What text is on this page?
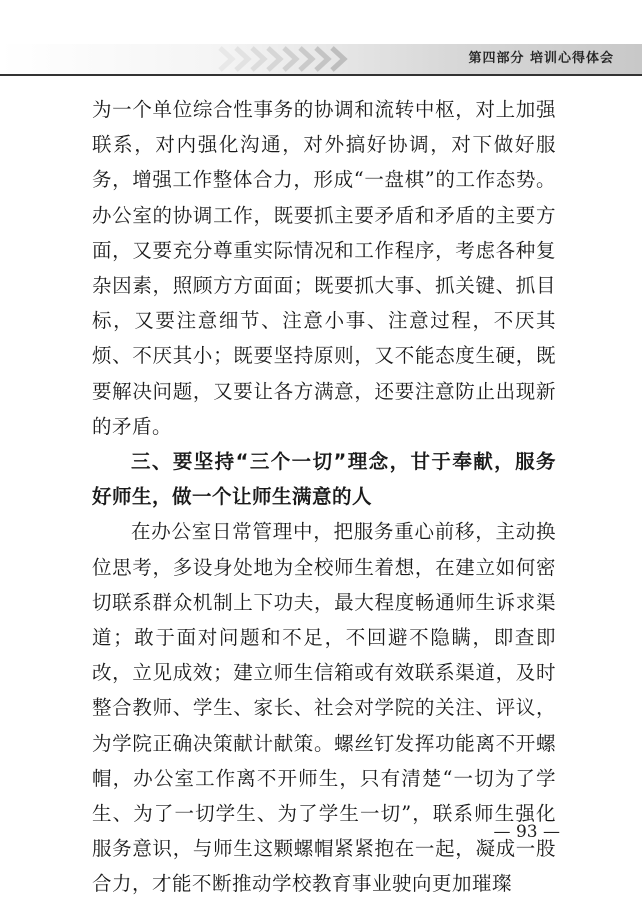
第四部分 培训心得体会

为一个单位综合性事务的协调和流转中枢，对上加强联系，对内强化沟通，对外搞好协调，对下做好服务，增强工作整体合力，形成“一盘棋”的工作态势。办公室的协调工作，既要抓主要矛盾和矛盾的主要方面，又要充分尊重实际情况和工作程序，考虑各种复杂因素，照顾方方面面；既要抓大事、抓关键、抓目标，又要注意细节、注意小事、注意过程，不厌其烦、不厌其小；既要坚持原则，又不能态度生硬，既要解决问题，又要让各方满意，还要注意防止出现新的矛盾。

三、要坚持“三个一切”理念，甘于奉献，服务好师生，做一个让师生满意的人

在办公室日常管理中，把服务重心前移，主动换位思考，多设身处地为全校师生着想，在建立如何密切联系群众机制上下功夫，最大程度畅通师生诉求渠道；敢于面对问题和不足，不回避不隐瞒，即查即改，立见成效；建立师生信箱或有效联系渠道，及时整合教师、学生、家长、社会对学院的关注、评议，为学院正确决策献计献策。螺丝钉发挥功能离不开螺帽，办公室工作离不开师生，只有清楚“一切为了学生、为了一切学生、为了学生一切”，联系师生强化服务意识，与师生这颗螺帽紧紧抱在一起，凝成一股合力，才能不断推动学校教育事业驶向更加璀璨

— 93 —
